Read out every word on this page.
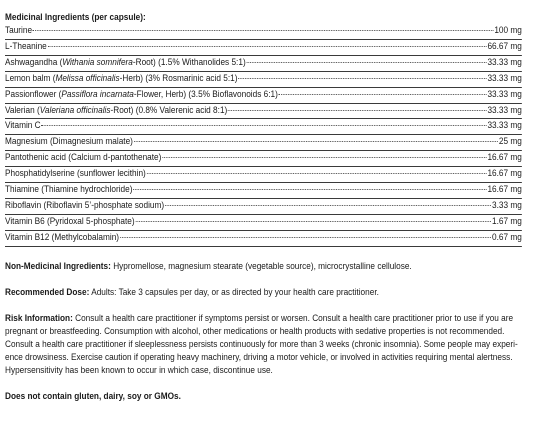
Medicinal Ingredients (per capsule):
Taurine	100 mg
L-Theanine	66.67 mg
Ashwagandha (Withania somnifera-Root) (1.5% Withanolides 5:1)	33.33 mg
Lemon balm (Melissa officinalis-Herb) (3% Rosmarinic acid 5:1)	33.33 mg
Passionflower (Passiflora incarnata-Flower, Herb) (3.5% Bioflavonoids 6:1)	33.33 mg
Valerian (Valeriana officinalis-Root) (0.8% Valerenic acid 8:1)	33.33 mg
Vitamin C	33.33 mg
Magnesium (Dimagnesium malate)	25 mg
Pantothenic acid (Calcium d-pantothenate)	16.67 mg
Phosphatidylserine (sunflower lecithin)	16.67 mg
Thiamine (Thiamine hydrochloride)	16.67 mg
Riboflavin (Riboflavin 5’-phosphate sodium)	3.33 mg
Vitamin B6 (Pyridoxal 5-phosphate)	1.67 mg
Vitamin B12 (Methylcobalamin)	0.67 mg

Non-Medicinal Ingredients: Hypromellose, magnesium stearate (vegetable source), microcrystalline cellulose.

Recommended Dose: Adults: Take 3 capsules per day, or as directed by your health care practitioner.

Risk Information: Consult a health care practitioner if symptoms persist or worsen. Consult a health care practitioner prior to use if you are
pregnant or breastfeeding. Consumption with alcohol, other medications or health products with sedative properties is not recommended.
Consult a health care practitioner if sleeplessness persists continuously for more than 3 weeks (chronic insomnia). Some people may experi-
ence drowsiness. Exercise caution if operating heavy machinery, driving a motor vehicle, or involved in activities requiring mental alertness.
Hypersensitivity has been known to occur in which case, discontinue use.
Does not contain gluten, dairy, soy or GMOs.
